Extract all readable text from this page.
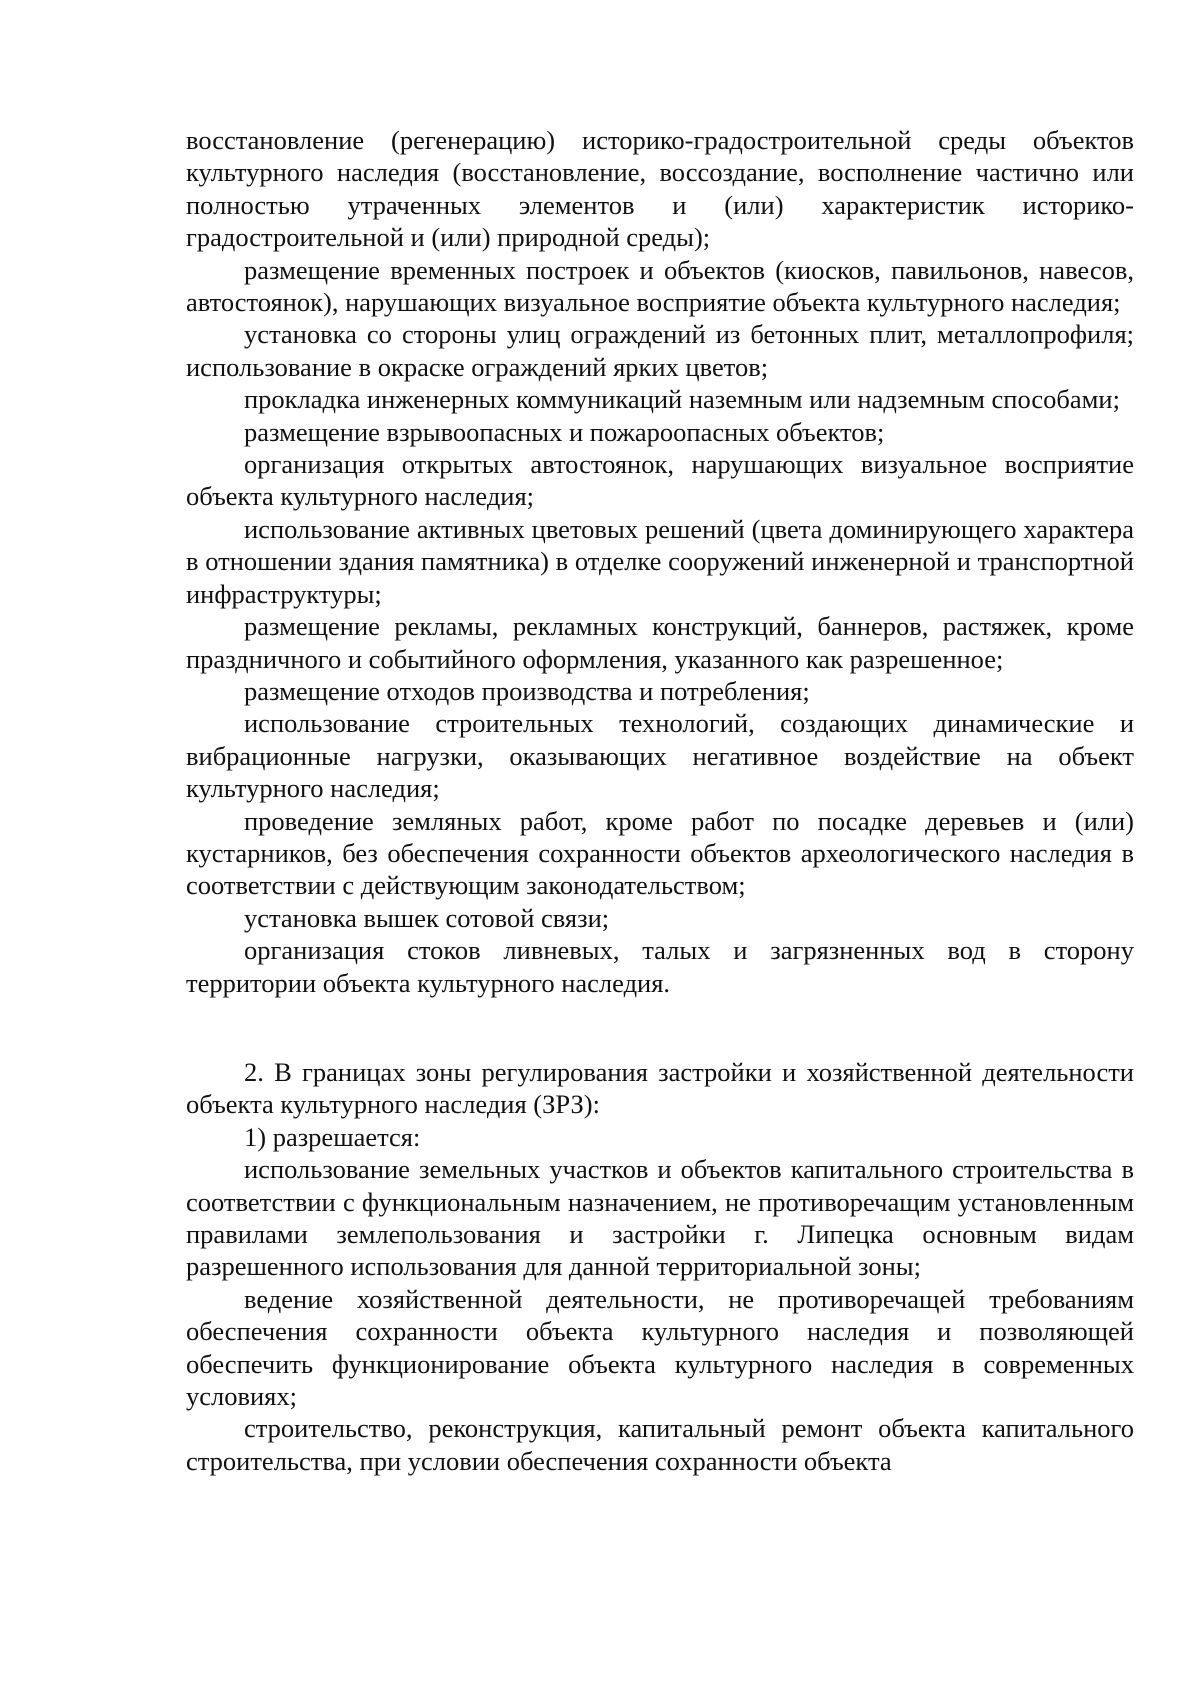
восстановление (регенерацию) историко-градостроительной среды объектов культурного наследия (восстановление, воссоздание, восполнение частично или полностью утраченных элементов и (или) характеристик историко-градостроительной и (или) природной среды);

размещение временных построек и объектов (киосков, павильонов, навесов, автостоянок), нарушающих визуальное восприятие объекта культурного наследия;

установка со стороны улиц ограждений из бетонных плит, металлопрофиля; использование в окраске ограждений ярких цветов;

прокладка инженерных коммуникаций наземным или надземным способами;

размещение взрывоопасных и пожароопасных объектов;

организация открытых автостоянок, нарушающих визуальное восприятие объекта культурного наследия;

использование активных цветовых решений (цвета доминирующего характера в отношении здания памятника) в отделке сооружений инженерной и транспортной инфраструктуры;

размещение рекламы, рекламных конструкций, баннеров, растяжек, кроме праздничного и событийного оформления, указанного как разрешенное;

размещение отходов производства и потребления;

использование строительных технологий, создающих динамические и вибрационные нагрузки, оказывающих негативное воздействие на объект культурного наследия;

проведение земляных работ, кроме работ по посадке деревьев и (или) кустарников, без обеспечения сохранности объектов археологического наследия в соответствии с действующим законодательством;

установка вышек сотовой связи;

организация стоков ливневых, талых и загрязненных вод в сторону территории объекта культурного наследия.

2. В границах зоны регулирования застройки и хозяйственной деятельности объекта культурного наследия (ЗРЗ):

1) разрешается:

использование земельных участков и объектов капитального строительства в соответствии с функциональным назначением, не противоречащим установленным правилами землепользования и застройки г. Липецка основным видам разрешенного использования для данной территориальной зоны;

ведение хозяйственной деятельности, не противоречащей требованиям обеспечения сохранности объекта культурного наследия и позволяющей обеспечить функционирование объекта культурного наследия в современных условиях;

строительство, реконструкция, капитальный ремонт объекта капитального строительства, при условии обеспечения сохранности объекта
